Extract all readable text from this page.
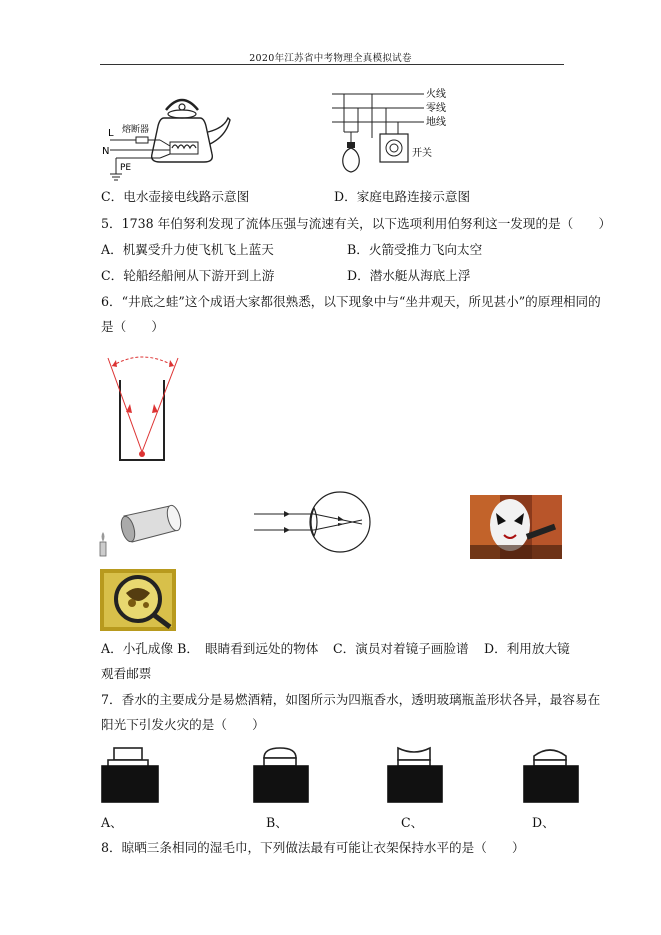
2020年江苏省中考物理全真模拟试卷
L
N
PE
熔断器
火线
零线
地线
开关
C．电水壶接电线路示意图	D．家庭电路连接示意图
5．1738 年伯努利发现了流体压强与流速有关，以下选项利用伯努利这一发现的是（　　）
A．机翼受升力使飞机飞上蓝天	B．火箭受推力飞向太空
C．轮船经船闸从下游开到上游	D．潜水艇从海底上浮
6．“井底之蛙”这个成语大家都很熟悉，以下现象中与“坐井观天，所见甚小”的原理相同的
是（　　）
A．小孔成像 B． 眼睛看到远处的物体 C．演员对着镜子画脸谱 D．利用放大镜
观看邮票
7．香水的主要成分是易燃酒精，如图所示为四瓶香水，透明玻璃瓶盖形状各异，最容易在
阳光下引发火灾的是（　　）
A、	B、	C、	D、
8．晾晒三条相同的湿毛巾，下列做法最有可能让衣架保持水平的是（　　）
